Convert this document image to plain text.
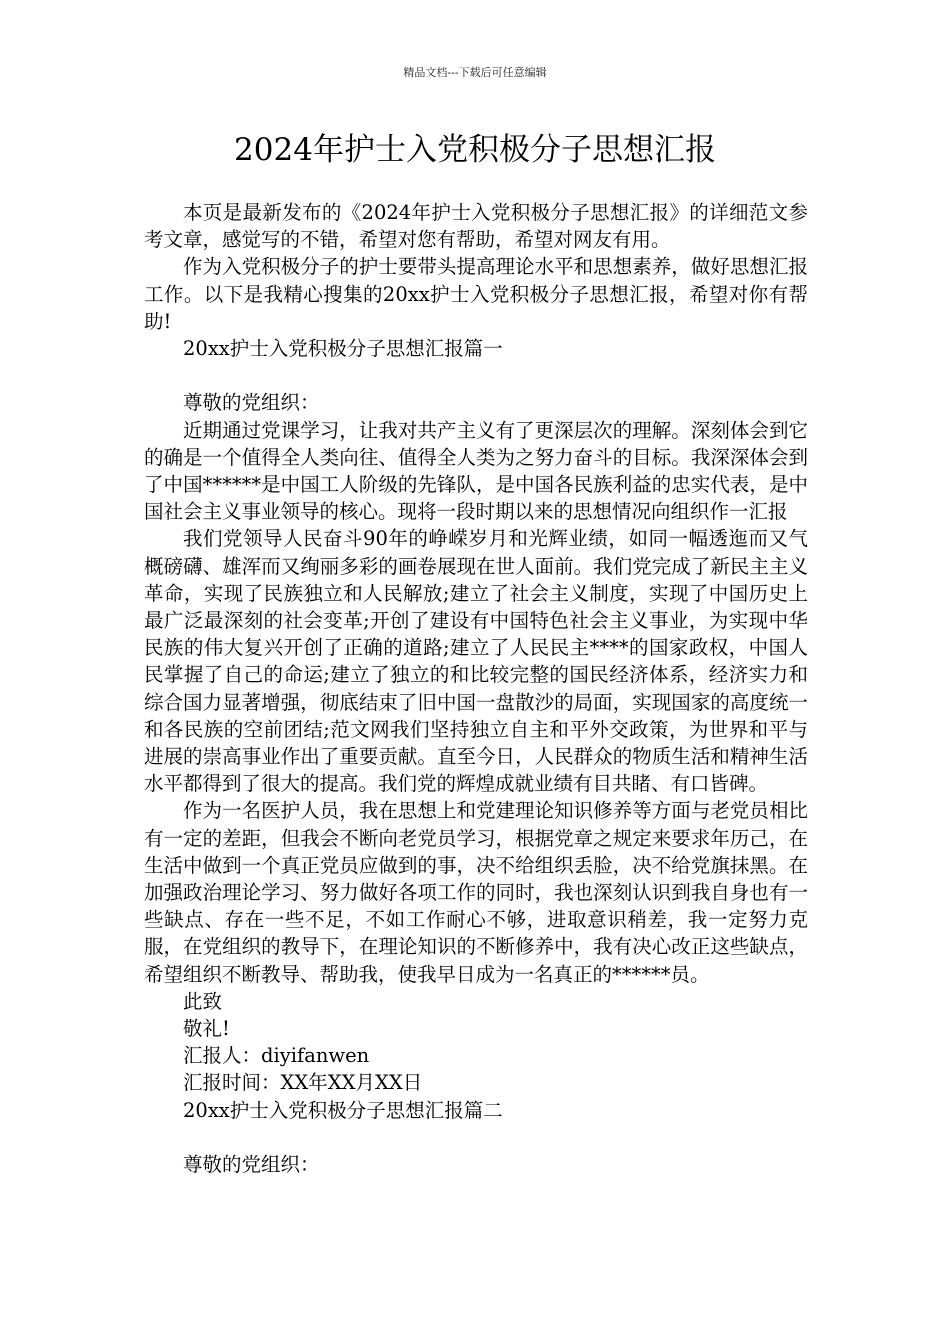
精品文档---下载后可任意编辑
2024年护士入党积极分子思想汇报

本页是最新发布的《2024年护士入党积极分子思想汇报》的详细范文参考文章，感觉写的不错，希望对您有帮助，希望对网友有用。

作为入党积极分子的护士要带头提高理论水平和思想素养，做好思想汇报工作。以下是我精心搜集的20xx护士入党积极分子思想汇报，希望对你有帮助!

20xx护士入党积极分子思想汇报篇一

尊敬的党组织：

近期通过党课学习，让我对共产主义有了更深层次的理解。深刻体会到它的确是一个值得全人类向往、值得全人类为之努力奋斗的目标。我深深体会到了中国******是中国工人阶级的先锋队，是中国各民族利益的忠实代表，是中国社会主义事业领导的核心。现将一段时期以来的思想情况向组织作一汇报

我们党领导人民奋斗90年的峥嵘岁月和光辉业绩，如同一幅透迤而又气概磅礴、雄浑而又绚丽多彩的画卷展现在世人面前。我们党完成了新民主主义革命，实现了民族独立和人民解放;建立了社会主义制度，实现了中国历史上最广泛最深刻的社会变革;开创了建设有中国特色社会主义事业，为实现中华民族的伟大复兴开创了正确的道路;建立了人民民主****的国家政权，中国人民掌握了自己的命运;建立了独立的和比较完整的国民经济体系，经济实力和综合国力显著增强，彻底结束了旧中国一盘散沙的局面，实现国家的高度统一和各民族的空前团结;范文网我们坚持独立自主和平外交政策，为世界和平与进展的崇高事业作出了重要贡献。直至今日，人民群众的物质生活和精神生活水平都得到了很大的提高。我们党的辉煌成就业绩有目共睹、有口皆碑。

作为一名医护人员，我在思想上和党建理论知识修养等方面与老党员相比有一定的差距，但我会不断向老党员学习，根据党章之规定来要求年历己，在生活中做到一个真正党员应做到的事，决不给组织丢脸，决不给党旗抹黑。在加强政治理论学习、努力做好各项工作的同时，我也深刻认识到我自身也有一些缺点、存在一些不足，不如工作耐心不够，进取意识稍差，我一定努力克服，在党组织的教导下，在理论知识的不断修养中，我有决心改正这些缺点，希望组织不断教导、帮助我，使我早日成为一名真正的******员。

此致

敬礼!

汇报人：diyifanwen

汇报时间：XX年XX月XX日

20xx护士入党积极分子思想汇报篇二

尊敬的党组织：
